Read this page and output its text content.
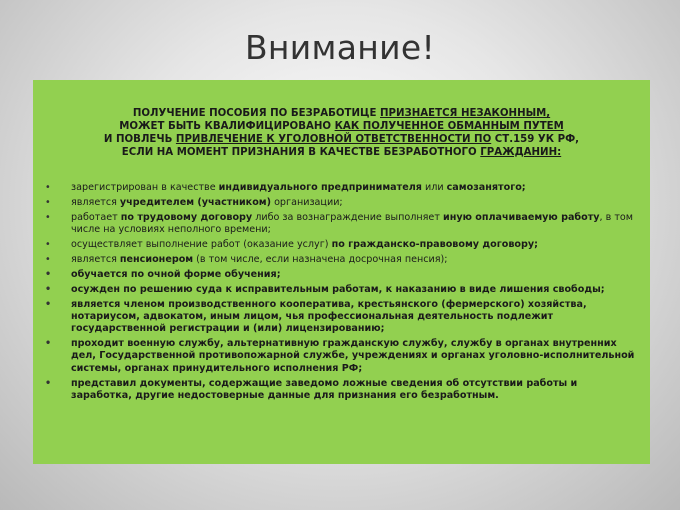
Внимание!

ПОЛУЧЕНИЕ ПОСОБИЯ ПО БЕЗРАБОТИЦЕ ПРИЗНАЕТСЯ НЕЗАКОННЫМ,
МОЖЕТ БЫТЬ КВАЛИФИЦИРОВАНО КАК ПОЛУЧЕННОЕ ОБМАННЫМ ПУТЕМ
И ПОВЛЕЧЬ ПРИВЛЕЧЕНИЕ К УГОЛОВНОЙ ОТВЕТСТВЕННОСТИ ПО СТ.159 УК РФ,
ЕСЛИ НА МОМЕНТ ПРИЗНАНИЯ В КАЧЕСТВЕ БЕЗРАБОТНОГО ГРАЖДАНИН:

• зарегистрирован в качестве индивидуального предпринимателя или самозанятого;
• является учредителем (участником) организации;
• работает по трудовому договору либо за вознаграждение выполняет иную оплачиваемую работу, в том числе на условиях неполного времени;
• осуществляет выполнение работ (оказание услуг) по гражданско-правовому договору;
• является пенсионером (в том числе, если назначена досрочная пенсия);
• обучается по очной форме обучения;
• осужден по решению суда к исправительным работам, к наказанию в виде лишения свободы;
• является членом производственного кооператива, крестьянского (фермерского) хозяйства, нотариусом, адвокатом, иным лицом, чья профессиональная деятельность подлежит государственной регистрации и (или) лицензированию;
• проходит военную службу, альтернативную гражданскую службу, службу в органах внутренних дел, Государственной противопожарной службе, учреждениях и органах уголовно-исполнительной системы, органах принудительного исполнения РФ;
• представил документы, содержащие заведомо ложные сведения об отсутствии работы и заработка, другие недостоверные данные для признания его безработным.
